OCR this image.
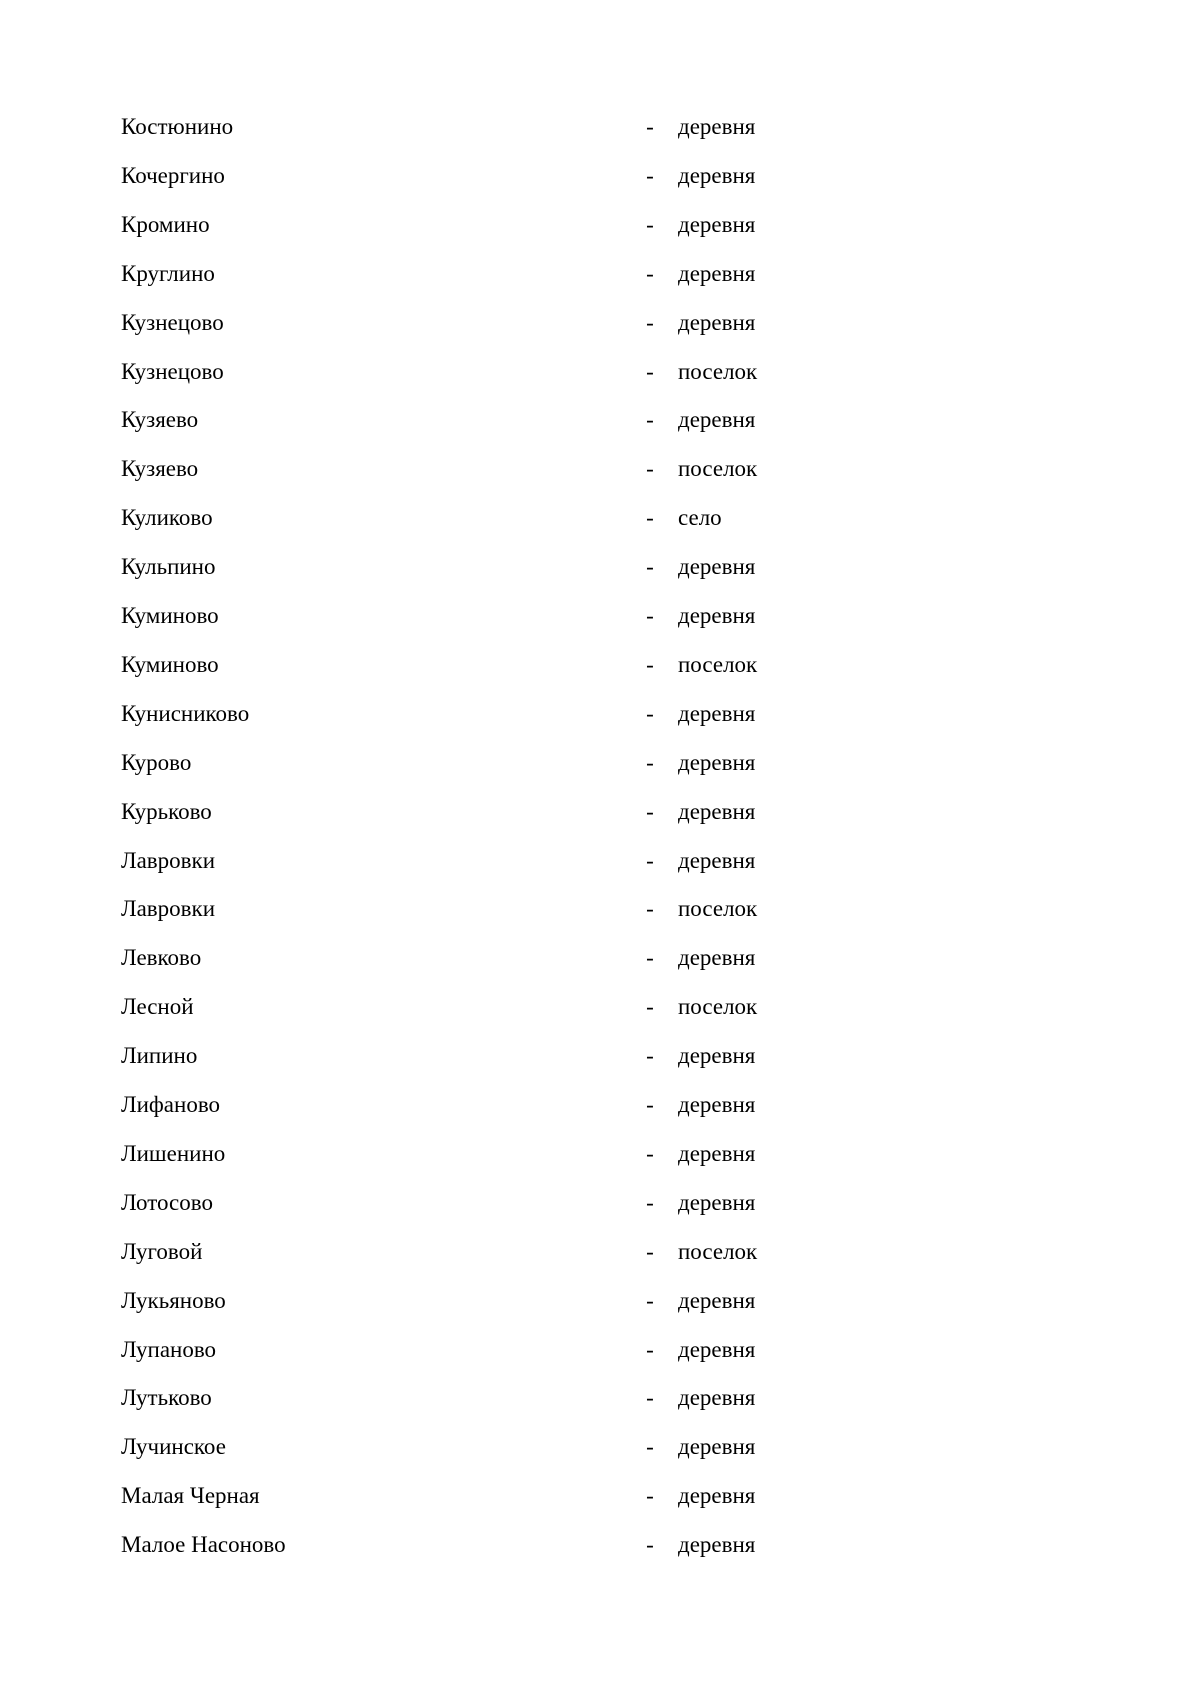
Костюнино	- деревня
Кочергино	- деревня
Кромино	- деревня
Круглино	- деревня
Кузнецово	- деревня
Кузнецово	- поселок
Кузяево	- деревня
Кузяево	- поселок
Куликово	- село
Кульпино	- деревня
Куминово	- деревня
Куминово	- поселок
Кунисниково	- деревня
Курово	- деревня
Курьково	- деревня
Лавровки	- деревня
Лавровки	- поселок
Левково	- деревня
Лесной	- поселок
Липино	- деревня
Лифаново	- деревня
Лишенино	- деревня
Лотосово	- деревня
Луговой	- поселок
Лукьяново	- деревня
Лупаново	- деревня
Лутьково	- деревня
Лучинское	- деревня
Малая Черная	- деревня
Малое Насоново	- деревня
